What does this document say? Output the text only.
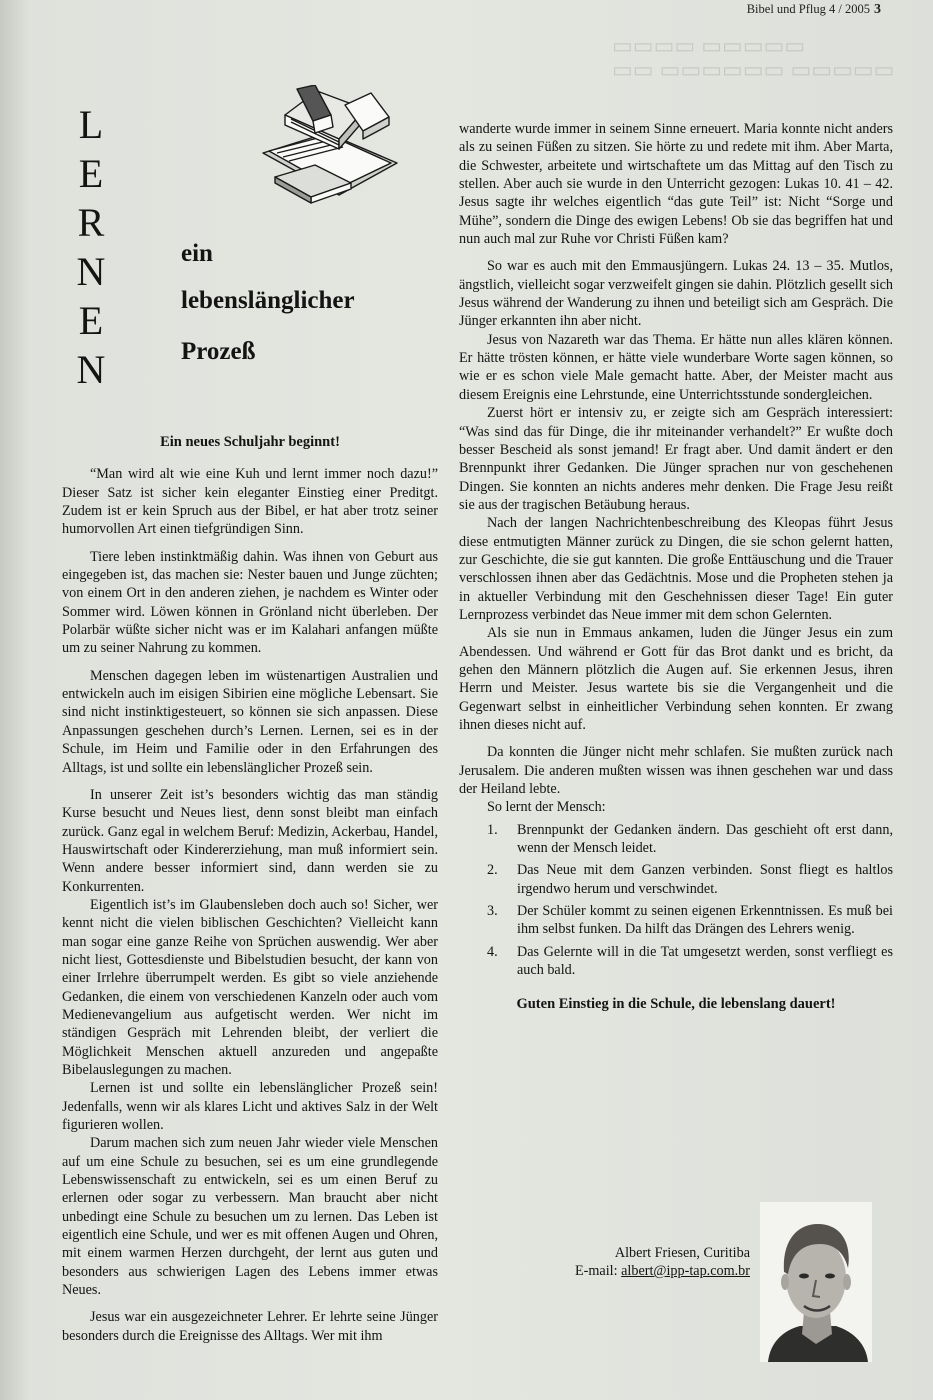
▭▭▭▭ ▭▭▭▭▭
▭▭ ▭▭▭▭▭▭ ▭▭▭▭▭
Bibel und Pflug 4 / 2005 3
L
E
R
N
E
N
ein
lebenslänglicher
Prozeß

Ein neues Schuljahr beginnt!

“Man wird alt wie eine Kuh und lernt immer noch dazu!” Dieser Satz ist sicher kein eleganter Einstieg einer Preditgt. Zudem ist er kein Spruch aus der Bibel, er hat aber trotz seiner humorvollen Art einen tiefgründigen Sinn.

Tiere leben instinktmäßig dahin. Was ihnen von Geburt aus eingegeben ist, das machen sie: Nester bauen und Junge züchten; von einem Ort in den anderen ziehen, je nachdem es Winter oder Sommer wird. Löwen können in Grönland nicht überleben. Der Polarbär wüßte sicher nicht was er im Kalahari anfangen müßte um zu seiner Nahrung zu kommen.

Menschen dagegen leben im wüstenartigen Australien und entwickeln auch im eisigen Sibirien eine mögliche Lebensart. Sie sind nicht instinktigesteuert, so können sie sich anpassen. Diese Anpassungen geschehen durch’s Lernen. Lernen, sei es in der Schule, im Heim und Familie oder in den Erfahrungen des Alltags, ist und sollte ein lebenslänglicher Prozeß sein.

In unserer Zeit ist’s besonders wichtig das man ständig Kurse besucht und Neues liest, denn sonst bleibt man einfach zurück. Ganz egal in welchem Beruf: Medizin, Ackerbau, Handel, Hauswirtschaft oder Kindererziehung, man muß informiert sein. Wenn andere besser informiert sind, dann werden sie zu Konkurrenten.

Eigentlich ist’s im Glaubensleben doch auch so! Sicher, wer kennt nicht die vielen biblischen Geschichten? Vielleicht kann man sogar eine ganze Reihe von Sprüchen auswendig. Wer aber nicht liest, Gottesdienste und Bibelstudien besucht, der kann von einer Irrlehre überrumpelt werden. Es gibt so viele anziehende Gedanken, die einem von verschiedenen Kanzeln oder auch vom Medienevangelium aus aufgetischt werden. Wer nicht im ständigen Gespräch mit Lehrenden bleibt, der verliert die Möglichkeit Menschen aktuell anzureden und angepaßte Bibelauslegungen zu machen.

Lernen ist und sollte ein lebenslänglicher Prozeß sein! Jedenfalls, wenn wir als klares Licht und aktives Salz in der Welt figurieren wollen.

Darum machen sich zum neuen Jahr wieder viele Menschen auf um eine Schule zu besuchen, sei es um eine grundlegende Lebenswissenschaft zu entwickeln, sei es um einen Beruf zu erlernen oder sogar zu verbessern. Man braucht aber nicht unbedingt eine Schule zu besuchen um zu lernen. Das Leben ist eigentlich eine Schule, und wer es mit offenen Augen und Ohren, mit einem warmen Herzen durchgeht, der lernt aus guten und besonders aus schwierigen Lagen des Lebens immer etwas Neues.

Jesus war ein ausgezeichneter Lehrer. Er lehrte seine Jünger besonders durch die Ereignisse des Alltags. Wer mit ihm

wanderte wurde immer in seinem Sinne erneuert. Maria konnte nicht anders als zu seinen Füßen zu sitzen. Sie hörte zu und redete mit ihm. Aber Marta, die Schwester, arbeitete und wirtschaftete um das Mittag auf den Tisch zu stellen. Aber auch sie wurde in den Unterricht gezogen: Lukas 10. 41 – 42. Jesus sagte ihr welches eigentlich “das gute Teil” ist: Nicht “Sorge und Mühe”, sondern die Dinge des ewigen Lebens! Ob sie das begriffen hat und nun auch mal zur Ruhe vor Christi Füßen kam?

So war es auch mit den Emmausjüngern. Lukas 24. 13 – 35. Mutlos, ängstlich, vielleicht sogar verzweifelt gingen sie dahin. Plötzlich gesellt sich Jesus während der Wanderung zu ihnen und beteiligt sich am Gespräch. Die Jünger erkannten ihn aber nicht.

Jesus von Nazareth war das Thema. Er hätte nun alles klären können. Er hätte trösten können, er hätte viele wunderbare Worte sagen können, so wie er es schon viele Male gemacht hatte. Aber, der Meister macht aus diesem Ereignis eine Lehrstunde, eine Unterrichtsstunde sondergleichen.

Zuerst hört er intensiv zu, er zeigte sich am Gespräch interessiert: “Was sind das für Dinge, die ihr miteinander verhandelt?” Er wußte doch besser Bescheid als sonst jemand! Er fragt aber. Und damit ändert er den Brennpunkt ihrer Gedanken. Die Jünger sprachen nur von geschehenen Dingen. Sie konnten an nichts anderes mehr denken. Die Frage Jesu reißt sie aus der tragischen Betäubung heraus.

Nach der langen Nachrichtenbeschreibung des Kleopas führt Jesus diese entmutigten Männer zurück zu Dingen, die sie schon gelernt hatten, zur Geschichte, die sie gut kannten. Die große Enttäuschung und die Trauer verschlossen ihnen aber das Gedächtnis. Mose und die Propheten stehen ja in aktueller Verbindung mit den Geschehnissen dieser Tage! Ein guter Lernprozess verbindet das Neue immer mit dem schon Gelernten.

Als sie nun in Emmaus ankamen, luden die Jünger Jesus ein zum Abendessen. Und während er Gott für das Brot dankt und es bricht, da gehen den Männern plötzlich die Augen auf. Sie erkennen Jesus, ihren Herrn und Meister. Jesus wartete bis sie die Vergangenheit und die Gegenwart selbst in einheitlicher Verbindung sehen konnten. Er zwang ihnen dieses nicht auf.

Da konnten die Jünger nicht mehr schlafen. Sie mußten zurück nach Jerusalem. Die anderen mußten wissen was ihnen geschehen war und dass der Heiland lebte.

So lernt der Mensch:

1.	Brennpunkt der Gedanken ändern. Das geschieht oft erst dann, wenn der Mensch leidet.
2.	Das Neue mit dem Ganzen verbinden. Sonst fliegt es haltlos irgendwo herum und verschwindet.
3.	Der Schüler kommt zu seinen eigenen Erkenntnissen. Es muß bei ihm selbst funken. Da hilft das Drängen des Lehrers wenig.
4.	Das Gelernte will in die Tat umgesetzt werden, sonst verfliegt es auch bald.

Guten Einstieg in die Schule, die lebenslang dauert!

Albert Friesen, Curitiba
E-mail: albert@ipp-tap.com.br
